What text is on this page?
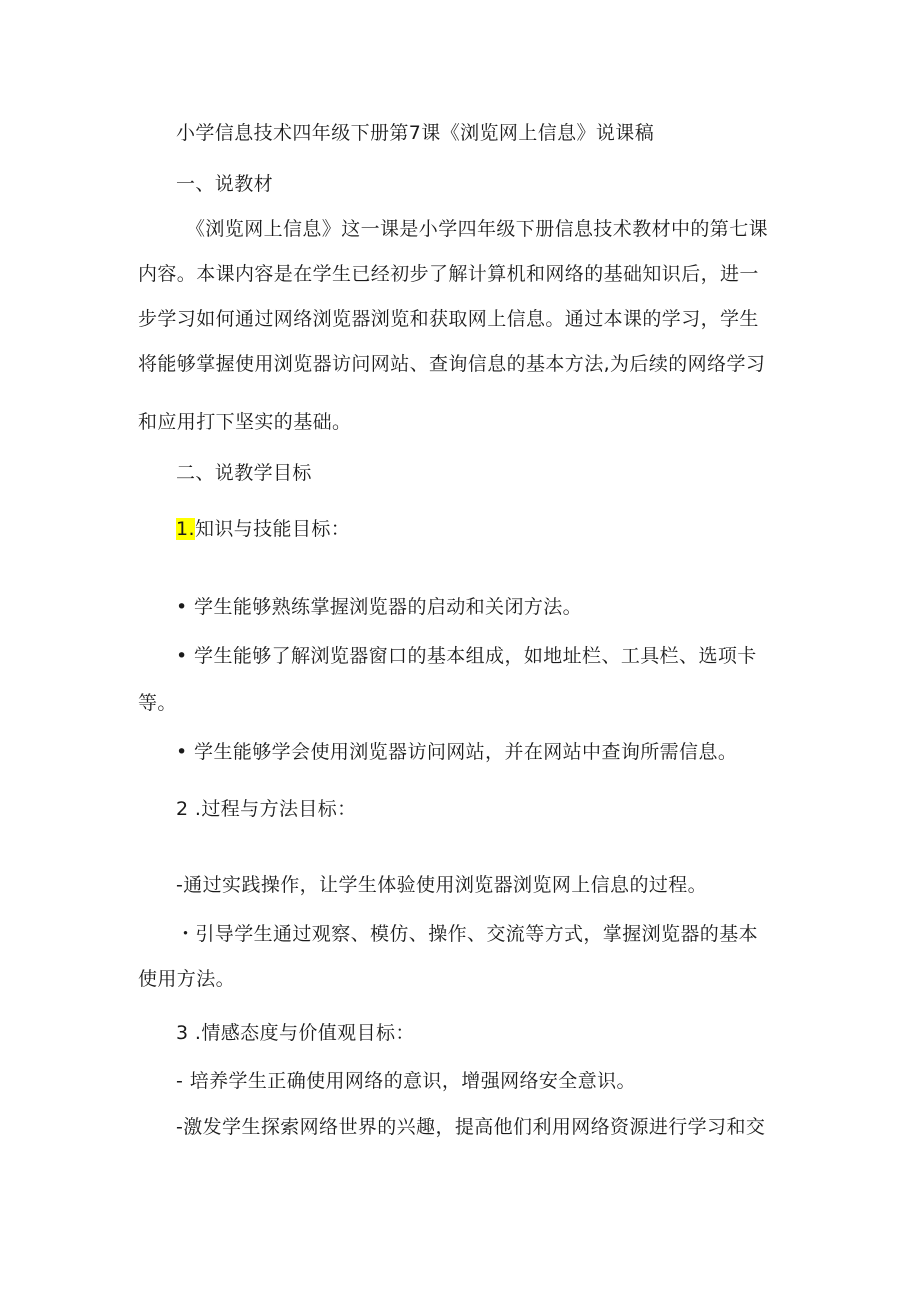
小学信息技术四年级下册第7课《浏览网上信息》说课稿
一、说教材
《浏览网上信息》这一课是小学四年级下册信息技术教材中的第七课
内容。本课内容是在学生已经初步了解计算机和网络的基础知识后，进一
步学习如何通过网络浏览器浏览和获取网上信息。通过本课的学习，学生
将能够掌握使用浏览器访问网站、查询信息的基本方法,为后续的网络学习
和应用打下坚实的基础。
二、说教学目标
1.知识与技能目标：
• 学生能够熟练掌握浏览器的启动和关闭方法。
• 学生能够了解浏览器窗口的基本组成，如地址栏、工具栏、选项卡
等。
• 学生能够学会使用浏览器访问网站，并在网站中查询所需信息。
2 .过程与方法目标：
-通过实践操作，让学生体验使用浏览器浏览网上信息的过程。
・引导学生通过观察、模仿、操作、交流等方式，掌握浏览器的基本
使用方法。
3 .情感态度与价值观目标：
- 培养学生正确使用网络的意识，增强网络安全意识。
-激发学生探索网络世界的兴趣，提高他们利用网络资源进行学习和交
